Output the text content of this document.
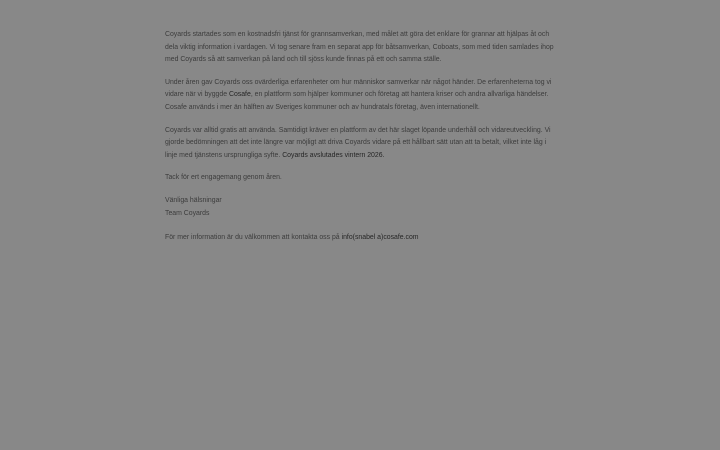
Coyards startades som en kostnadsfri tjänst för grannsamverkan, med målet att göra det enklare för grannar att hjälpas åt och dela viktig information i vardagen. Vi tog senare fram en separat app för båtsamverkan, Coboats, som med tiden samlades ihop med Coyards så att samverkan på land och till sjöss kunde finnas på ett och samma ställe.

Under åren gav Coyards oss ovärderliga erfarenheter om hur människor samverkar när något händer. De erfarenheterna tog vi vidare när vi byggde Cosafe, en plattform som hjälper kommuner och företag att hantera kriser och andra allvarliga händelser. Cosafe används i mer än hälften av Sveriges kommuner och av hundratals företag, även internationellt.

Coyards var alltid gratis att använda. Samtidigt kräver en plattform av det här slaget löpande underhåll och vidareutveckling. Vi gjorde bedömningen att det inte längre var möjligt att driva Coyards vidare på ett hållbart sätt utan att ta betalt, vilket inte låg i linje med tjänstens ursprungliga syfte. Coyards avslutades vintern 2026.

Tack för ert engagemang genom åren.

Vänliga hälsningar
Team Coyards

För mer information är du välkommen att kontakta oss på info(snabel a)cosafe.com
